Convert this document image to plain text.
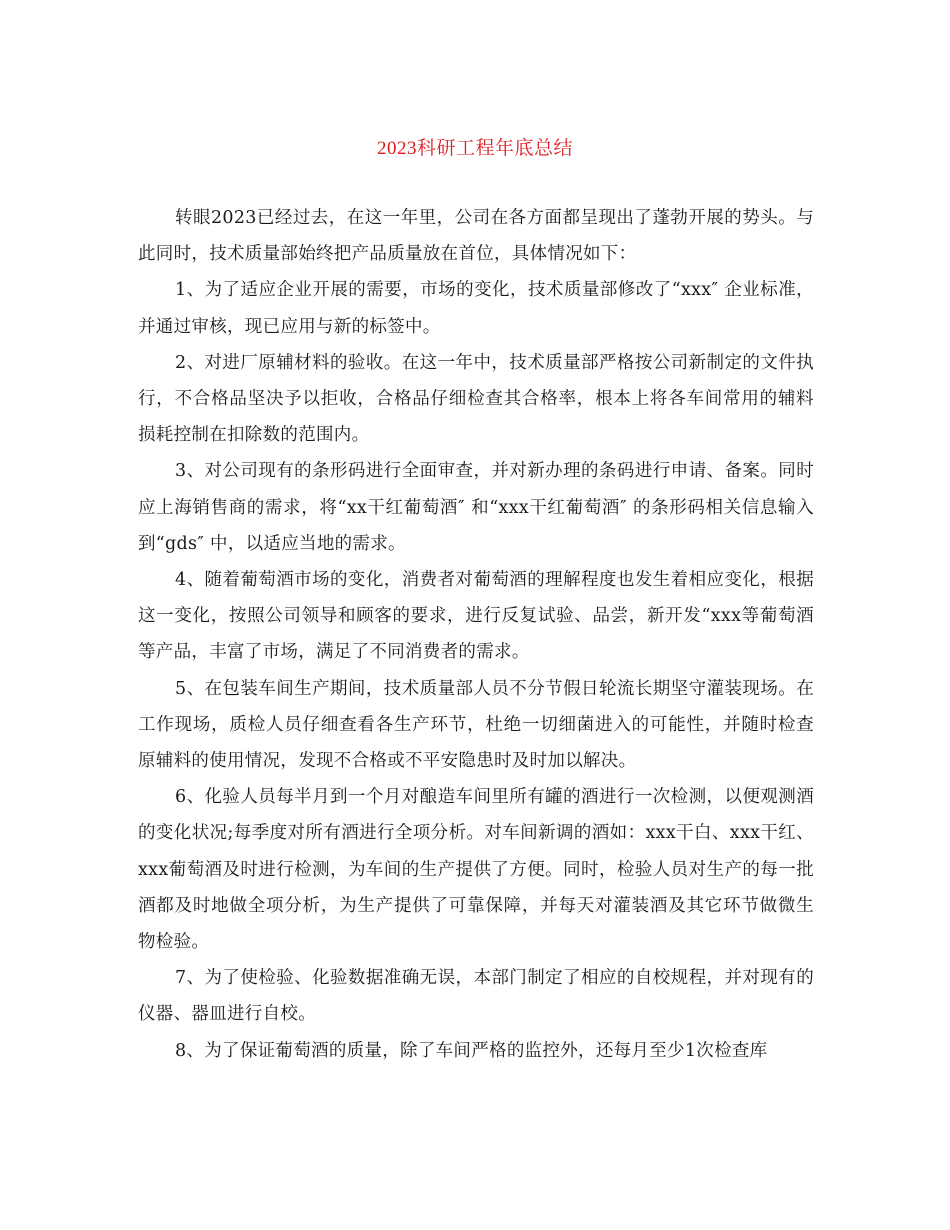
2023科研工程年底总结

转眼2023已经过去，在这一年里，公司在各方面都呈现出了蓬勃开展的势头。与此同时，技术质量部始终把产品质量放在首位，具体情况如下：

1、为了适应企业开展的需要，市场的变化，技术质量部修改了“xxx″ 企业标准，并通过审核，现已应用与新的标签中。

2、对进厂原辅材料的验收。在这一年中，技术质量部严格按公司新制定的文件执行，不合格品坚决予以拒收，合格品仔细检查其合格率，根本上将各车间常用的辅料损耗控制在扣除数的范围内。

3、对公司现有的条形码进行全面审查，并对新办理的条码进行申请、备案。同时应上海销售商的需求，将“xx干红葡萄酒″ 和“xxx干红葡萄酒″ 的条形码相关信息输入到“gds″ 中，以适应当地的需求。

4、随着葡萄酒市场的变化，消费者对葡萄酒的理解程度也发生着相应变化，根据这一变化，按照公司领导和顾客的要求，进行反复试验、品尝，新开发“xxx等葡萄酒等产品，丰富了市场，满足了不同消费者的需求。

5、在包装车间生产期间，技术质量部人员不分节假日轮流长期坚守灌装现场。在工作现场，质检人员仔细查看各生产环节，杜绝一切细菌进入的可能性，并随时检查原辅料的使用情况，发现不合格或不平安隐患时及时加以解决。

6、化验人员每半月到一个月对酿造车间里所有罐的酒进行一次检测，以便观测酒的变化状况;每季度对所有酒进行全项分析。对车间新调的酒如：xxx干白、xxx干红、xxx葡萄酒及时进行检测，为车间的生产提供了方便。同时，检验人员对生产的每一批酒都及时地做全项分析，为生产提供了可靠保障，并每天对灌装酒及其它环节做微生物检验。

7、为了使检验、化验数据准确无误，本部门制定了相应的自校规程，并对现有的仪器、器皿进行自校。

8、为了保证葡萄酒的质量，除了车间严格的监控外，还每月至少1次检查库
